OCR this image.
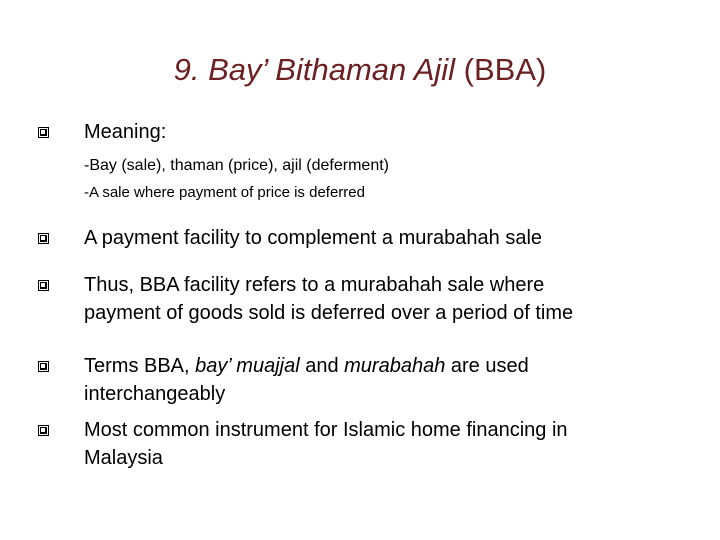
9. Bay’ Bithaman Ajil (BBA)
Meaning:
-Bay (sale), thaman (price), ajil (deferment)
-A sale where payment of price is deferred
A payment facility to complement a murabahah sale
Thus, BBA facility refers to a murabahah sale where
payment of goods sold is deferred over a period of time
Terms BBA, bay’ muajjal and murabahah are used
interchangeably
Most common instrument for Islamic home financing in
Malaysia
